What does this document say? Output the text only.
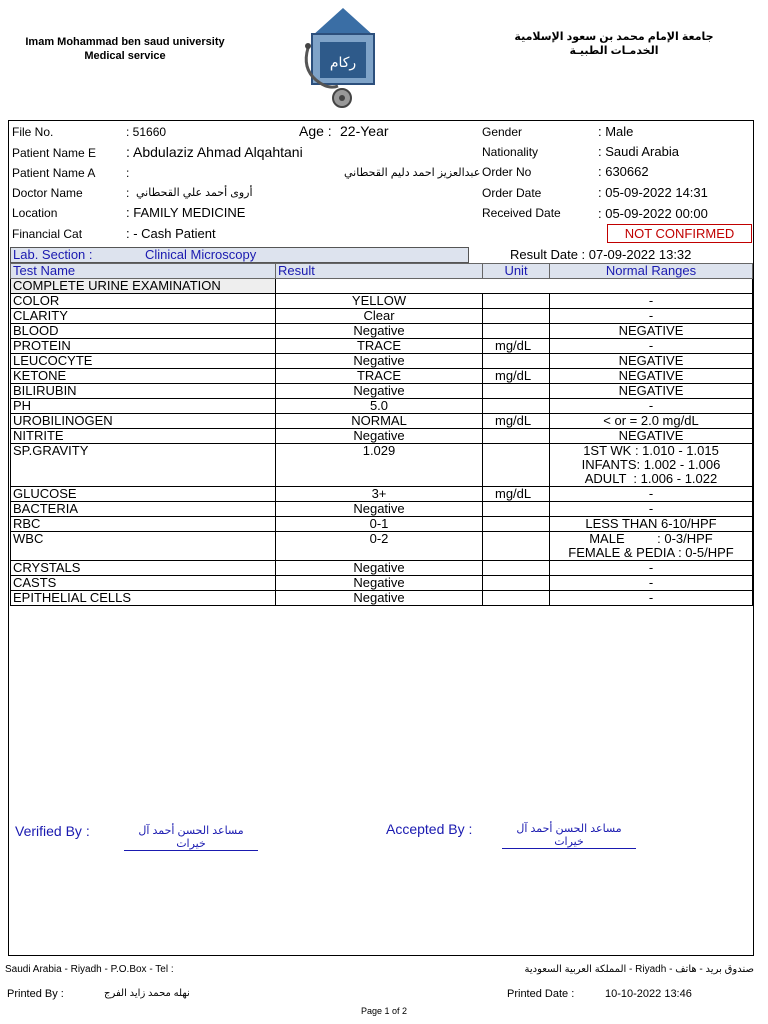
Imam Mohammad ben saud university
Medical service	ركام
جامعة الإمام محمد بن سعود الإسلامية
الخدمـات الطبيـة
File No.	: 51660	Age : 22-Year	Gender	: Male
Patient Name E : Abdulaziz Ahmad Alqahtani	Nationality	: Saudi Arabia
Patient Name A	:	عبدالعزيز احمد دليم القحطاني Order No	: 630662
Doctor Name	: أروى أحمد علي القحطاني	Order Date	: 05-09-2022 14:31
Location	: FAMILY MEDICINE	Received Date	: 05-09-2022 00:00
Financial Cat	: - Cash Patient	NOT CONFIRMED
Lab. Section :	Clinical Microscopy	Result Date : 07-09-2022 13:32
Test Name	Result	Unit	Normal Ranges
COMPLETE URINE EXAMINATION			
COLOR	YELLOW		-
CLARITY	Clear		-
BLOOD	Negative		NEGATIVE
PROTEIN	TRACE	mg/dL	-
LEUCOCYTE	Negative		NEGATIVE
KETONE	TRACE	mg/dL	NEGATIVE
BILIRUBIN	Negative		NEGATIVE
PH	5.0		-
UROBILINOGEN	NORMAL	mg/dL	< or = 2.0 mg/dL
NITRITE	Negative		NEGATIVE
SP.GRAVITY	1.029		1ST WK : 1.010 - 1.015
INFANTS: 1.002 - 1.006
ADULT  : 1.006 - 1.022
GLUCOSE	3+	mg/dL	-
BACTERIA	Negative		-
RBC	0-1		LESS THAN 6-10/HPF
WBC	0-2		MALE         : 0-3/HPF
FEMALE & PEDIA : 0-5/HPF
CRYSTALS	Negative		-
CASTS	Negative		-
EPITHELIAL CELLS	Negative		-
Verified By :	مساعد الحسن أحمد آل خيرات
Accepted By :	مساعد الحسن أحمد آل خيرات
Saudi Arabia - Riyadh - P.O.Box - Tel :	صندوق بريد - هاتف - Riyadh - المملكة العربية السعودية
Printed By :	نهله محمد زايد الفرج	Printed Date :	10-10-2022 13:46
Page 1 of 2
